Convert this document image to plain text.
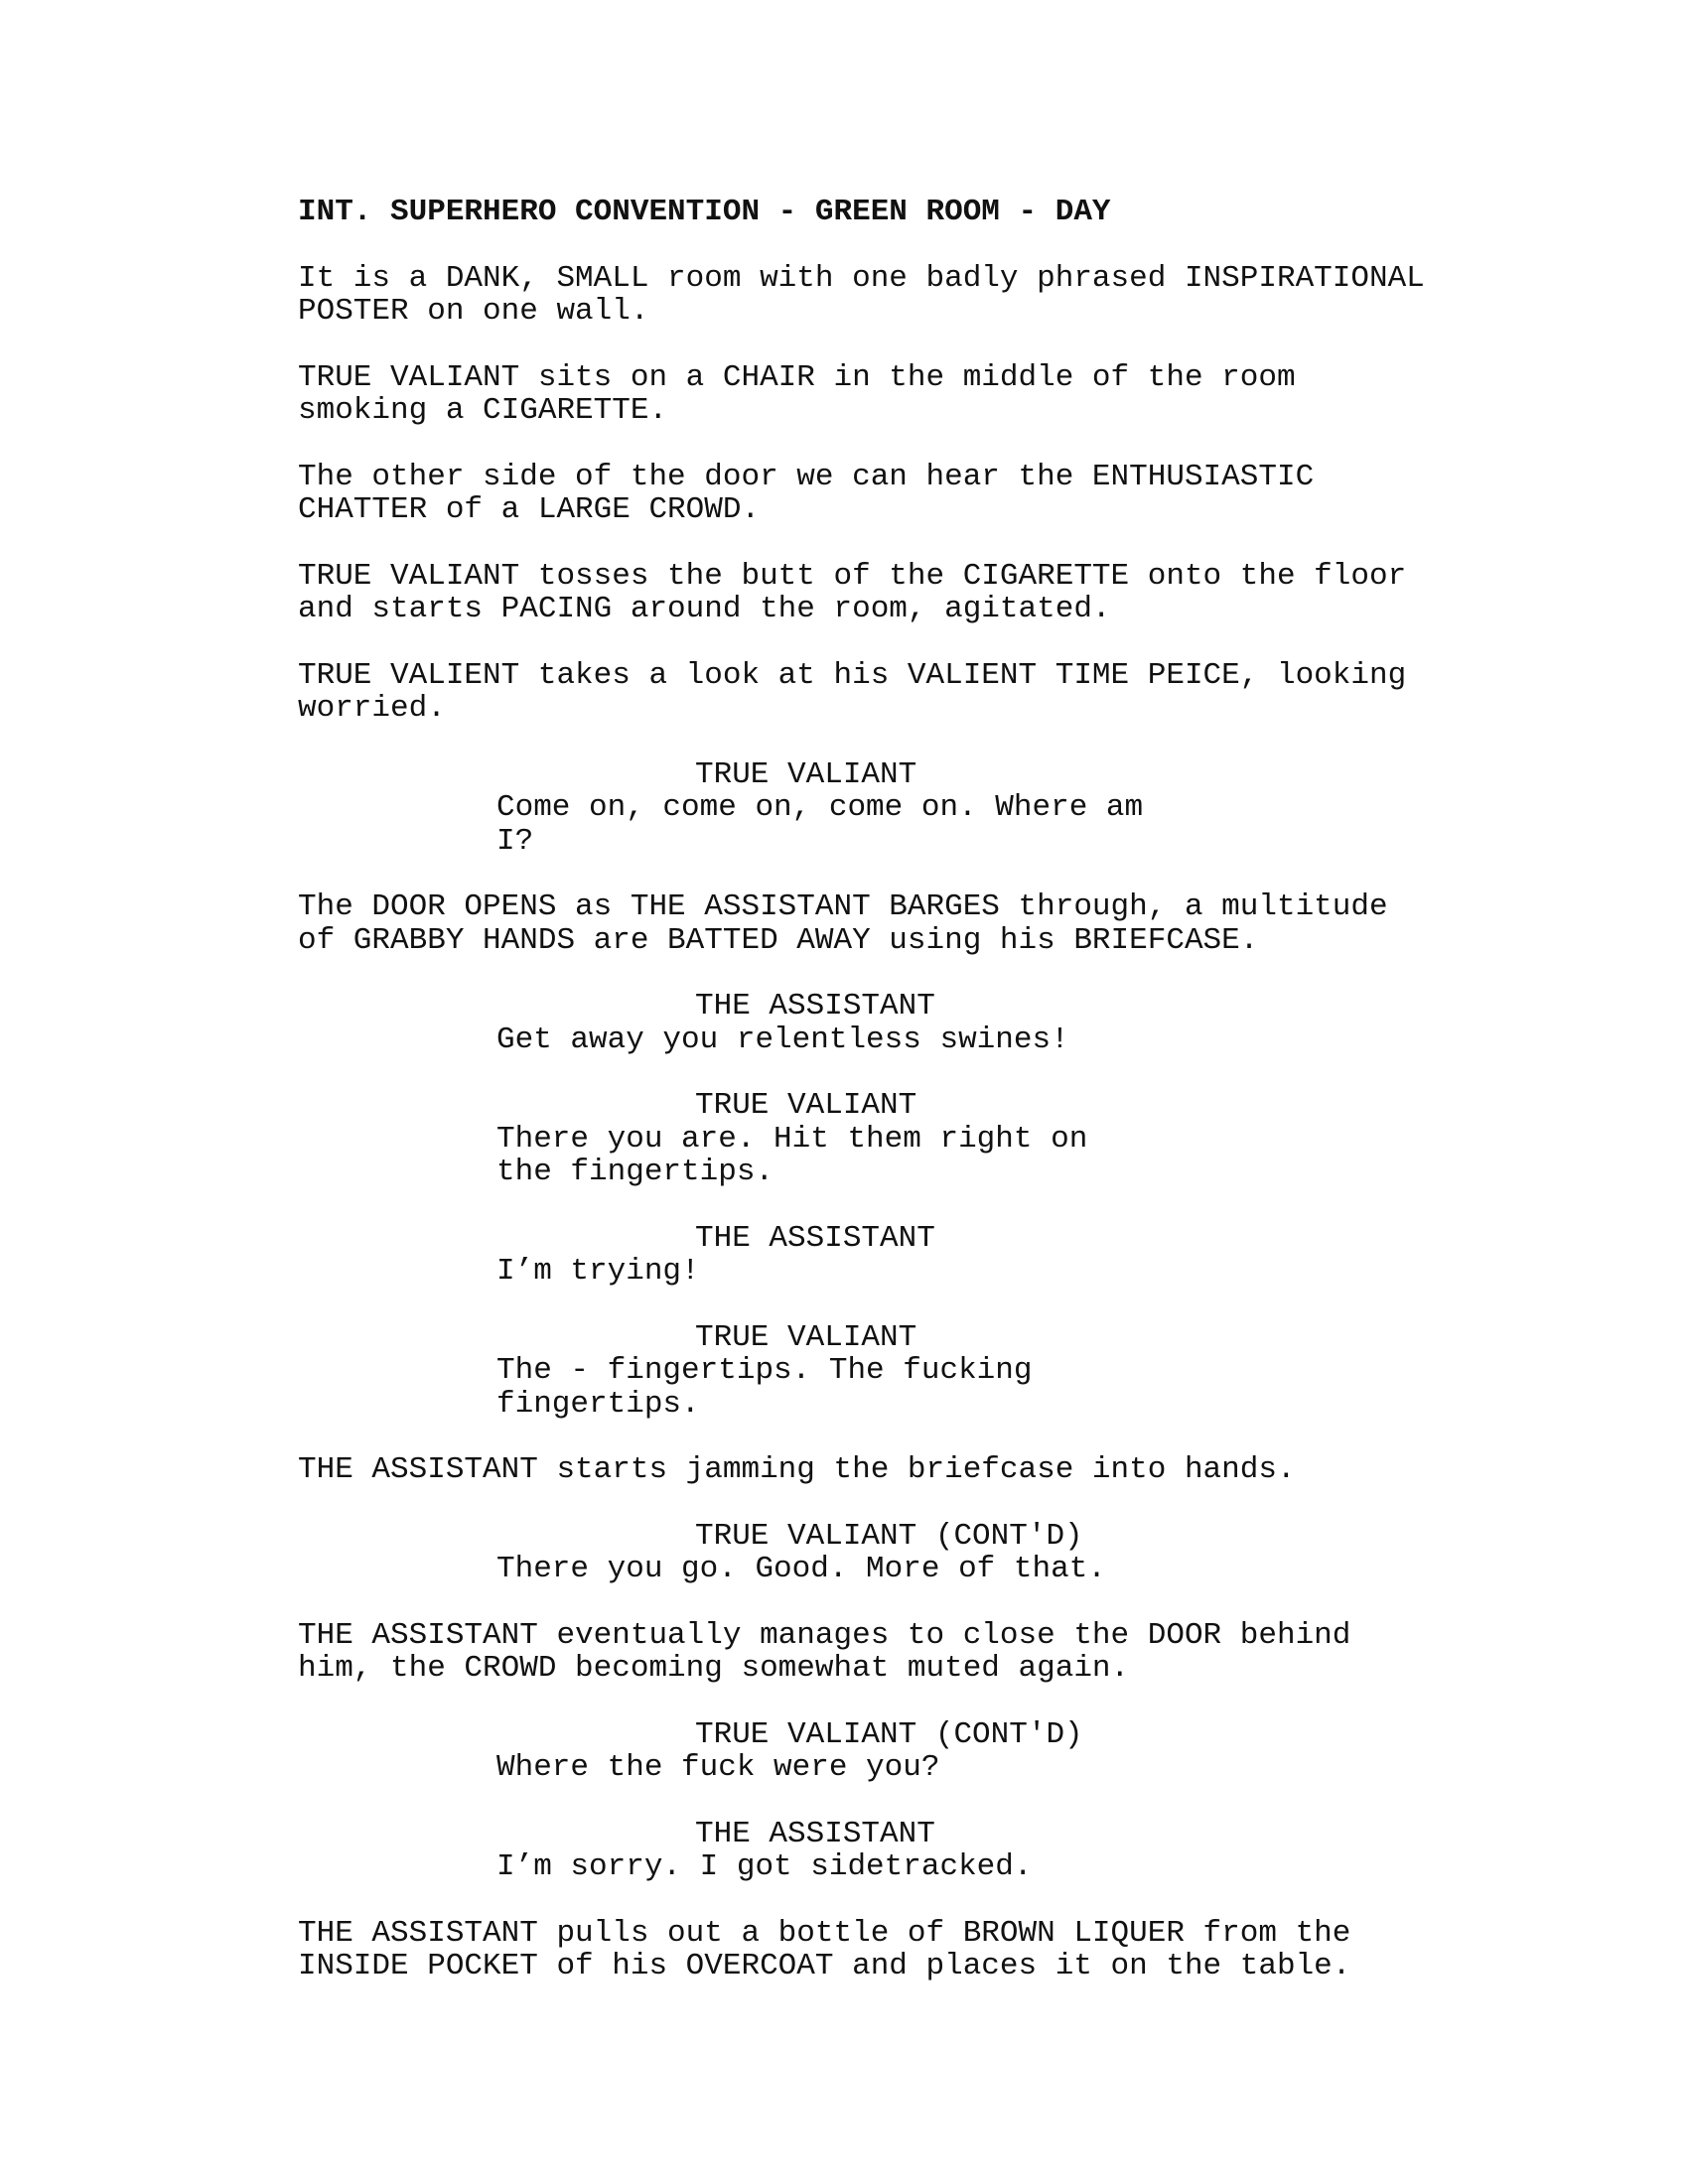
INT. SUPERHERO CONVENTION - GREEN ROOM - DAY
It is a DANK, SMALL room with one badly phrased INSPIRATIONAL
POSTER on one wall.
TRUE VALIANT sits on a CHAIR in the middle of the room
smoking a CIGARETTE.
The other side of the door we can hear the ENTHUSIASTIC
CHATTER of a LARGE CROWD.
TRUE VALIANT tosses the butt of the CIGARETTE onto the floor
and starts PACING around the room, agitated.
TRUE VALIENT takes a look at his VALIENT TIME PEICE, looking
worried.
TRUE VALIANT
Come on, come on, come on. Where am
I?
The DOOR OPENS as THE ASSISTANT BARGES through, a multitude
of GRABBY HANDS are BATTED AWAY using his BRIEFCASE.
THE ASSISTANT
Get away you relentless swines!
TRUE VALIANT
There you are. Hit them right on
the fingertips.
THE ASSISTANT
I’m trying!
TRUE VALIANT
The - fingertips. The fucking
fingertips.
THE ASSISTANT starts jamming the briefcase into hands.
TRUE VALIANT (CONT'D)
There you go. Good. More of that.
THE ASSISTANT eventually manages to close the DOOR behind
him, the CROWD becoming somewhat muted again.
TRUE VALIANT (CONT'D)
Where the fuck were you?
THE ASSISTANT
I’m sorry. I got sidetracked.
THE ASSISTANT pulls out a bottle of BROWN LIQUER from the
INSIDE POCKET of his OVERCOAT and places it on the table.
